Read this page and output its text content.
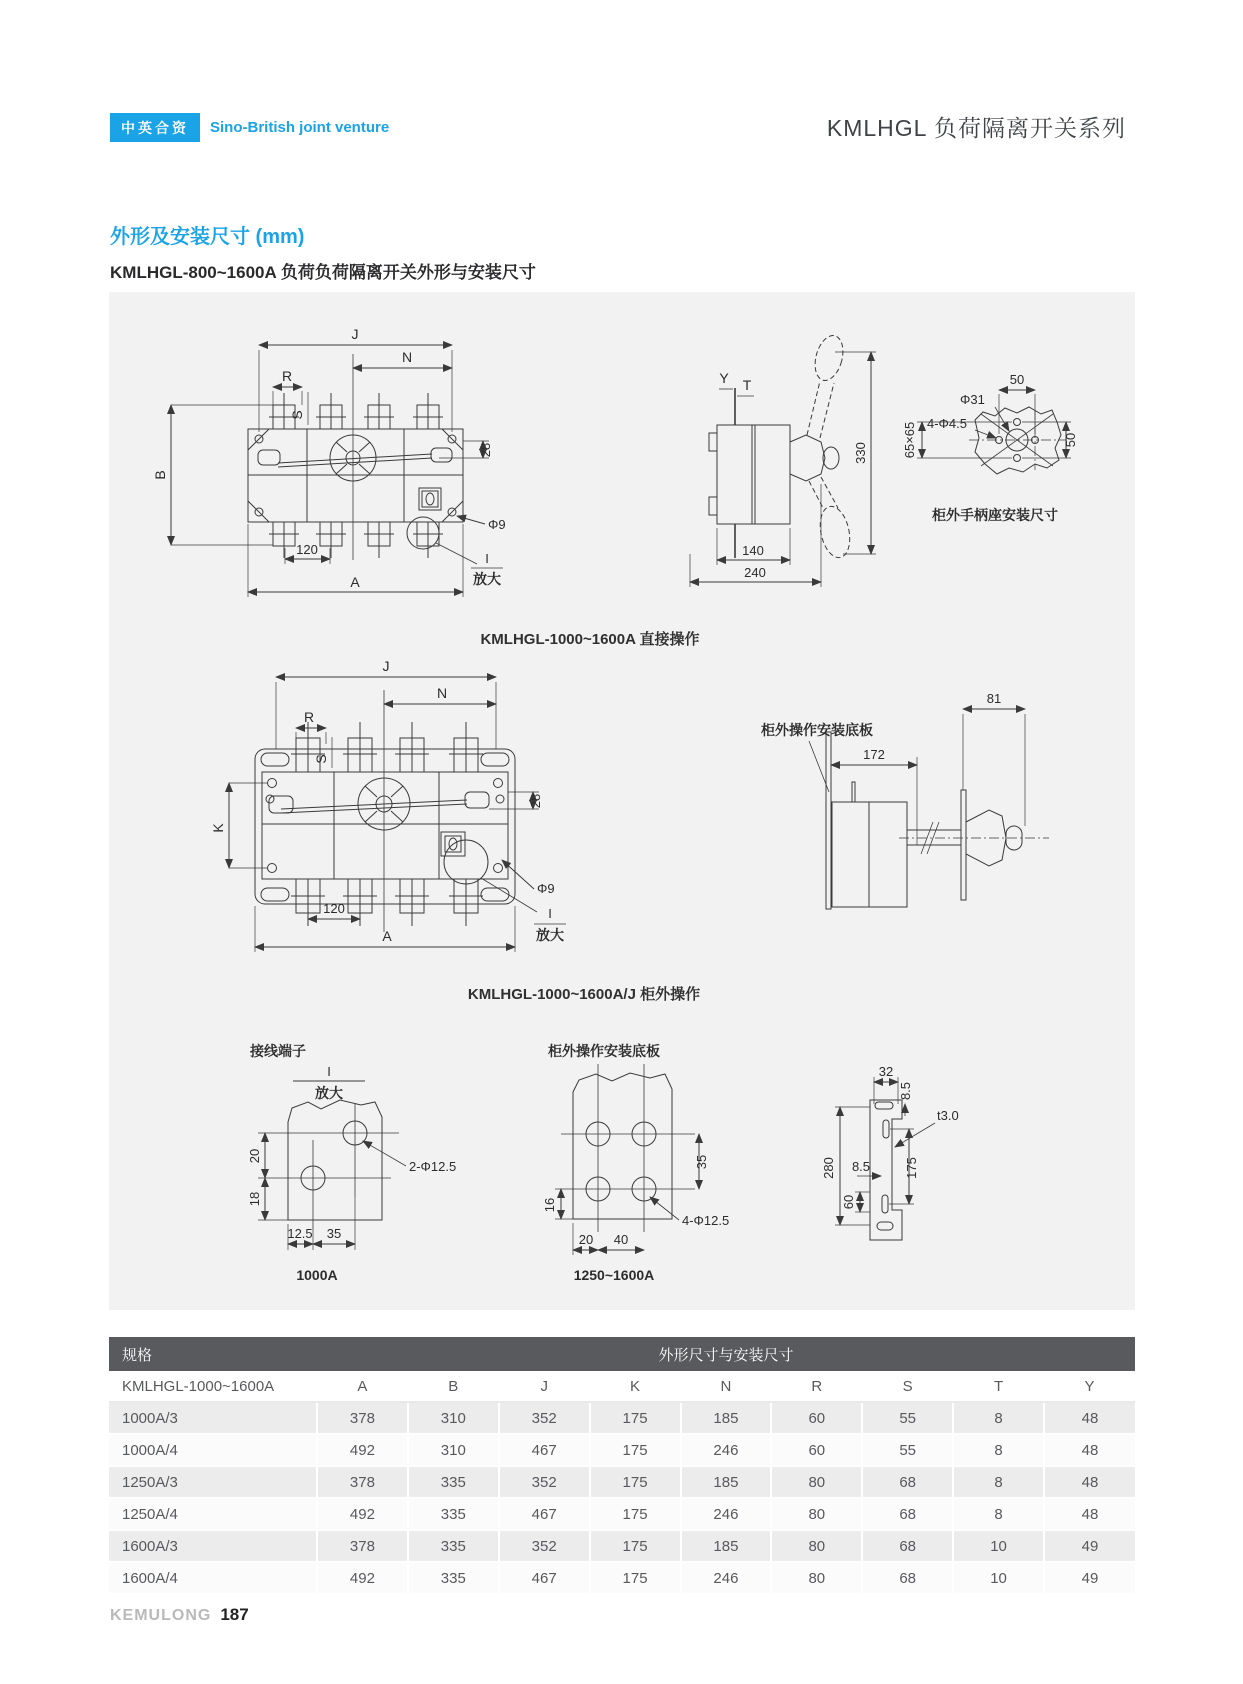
中英合资 Sino-British joint venture	KMLHGL 负荷隔离开关系列
外形及安装尺寸 (mm)
KMLHGL-800~1600A 负荷负荷隔离开关外形与安装尺寸
J
N
R
S
B
28
Φ9
I
放大
120
A
Y T
330
140
240
50
Φ31
4-Φ4.5
65×65	50
柜外手柄座安装尺寸
KMLHGL-1000~1600A 直接操作
J
N
R
S
K
28
Φ9
I
放大
120
A
柜外操作安装底板
81
172
KMLHGL-1000~1600A/J 柜外操作
接线端子
I
放大
20
18
2-Φ12.5
12.5 35
1000A
柜外操作安装底板
35
16
4-Φ12.5
20 40
1250~1600A
32
8.5
t3.0
280	175
8.5
60
规格	外形尺寸与安装尺寸								
KMLHGL-1000~1600A	A	B	J	K	N	R	S	T	Y
1000A/3	378	310	352	175	185	60	55	8	48
1000A/4	492	310	467	175	246	60	55	8	48
1250A/3	378	335	352	175	185	80	68	8	48
1250A/4	492	335	467	175	246	80	68	8	48
1600A/3	378	335	352	175	185	80	68	10	49
1600A/4	492	335	467	175	246	80	68	10	49
KEMULONG 187
